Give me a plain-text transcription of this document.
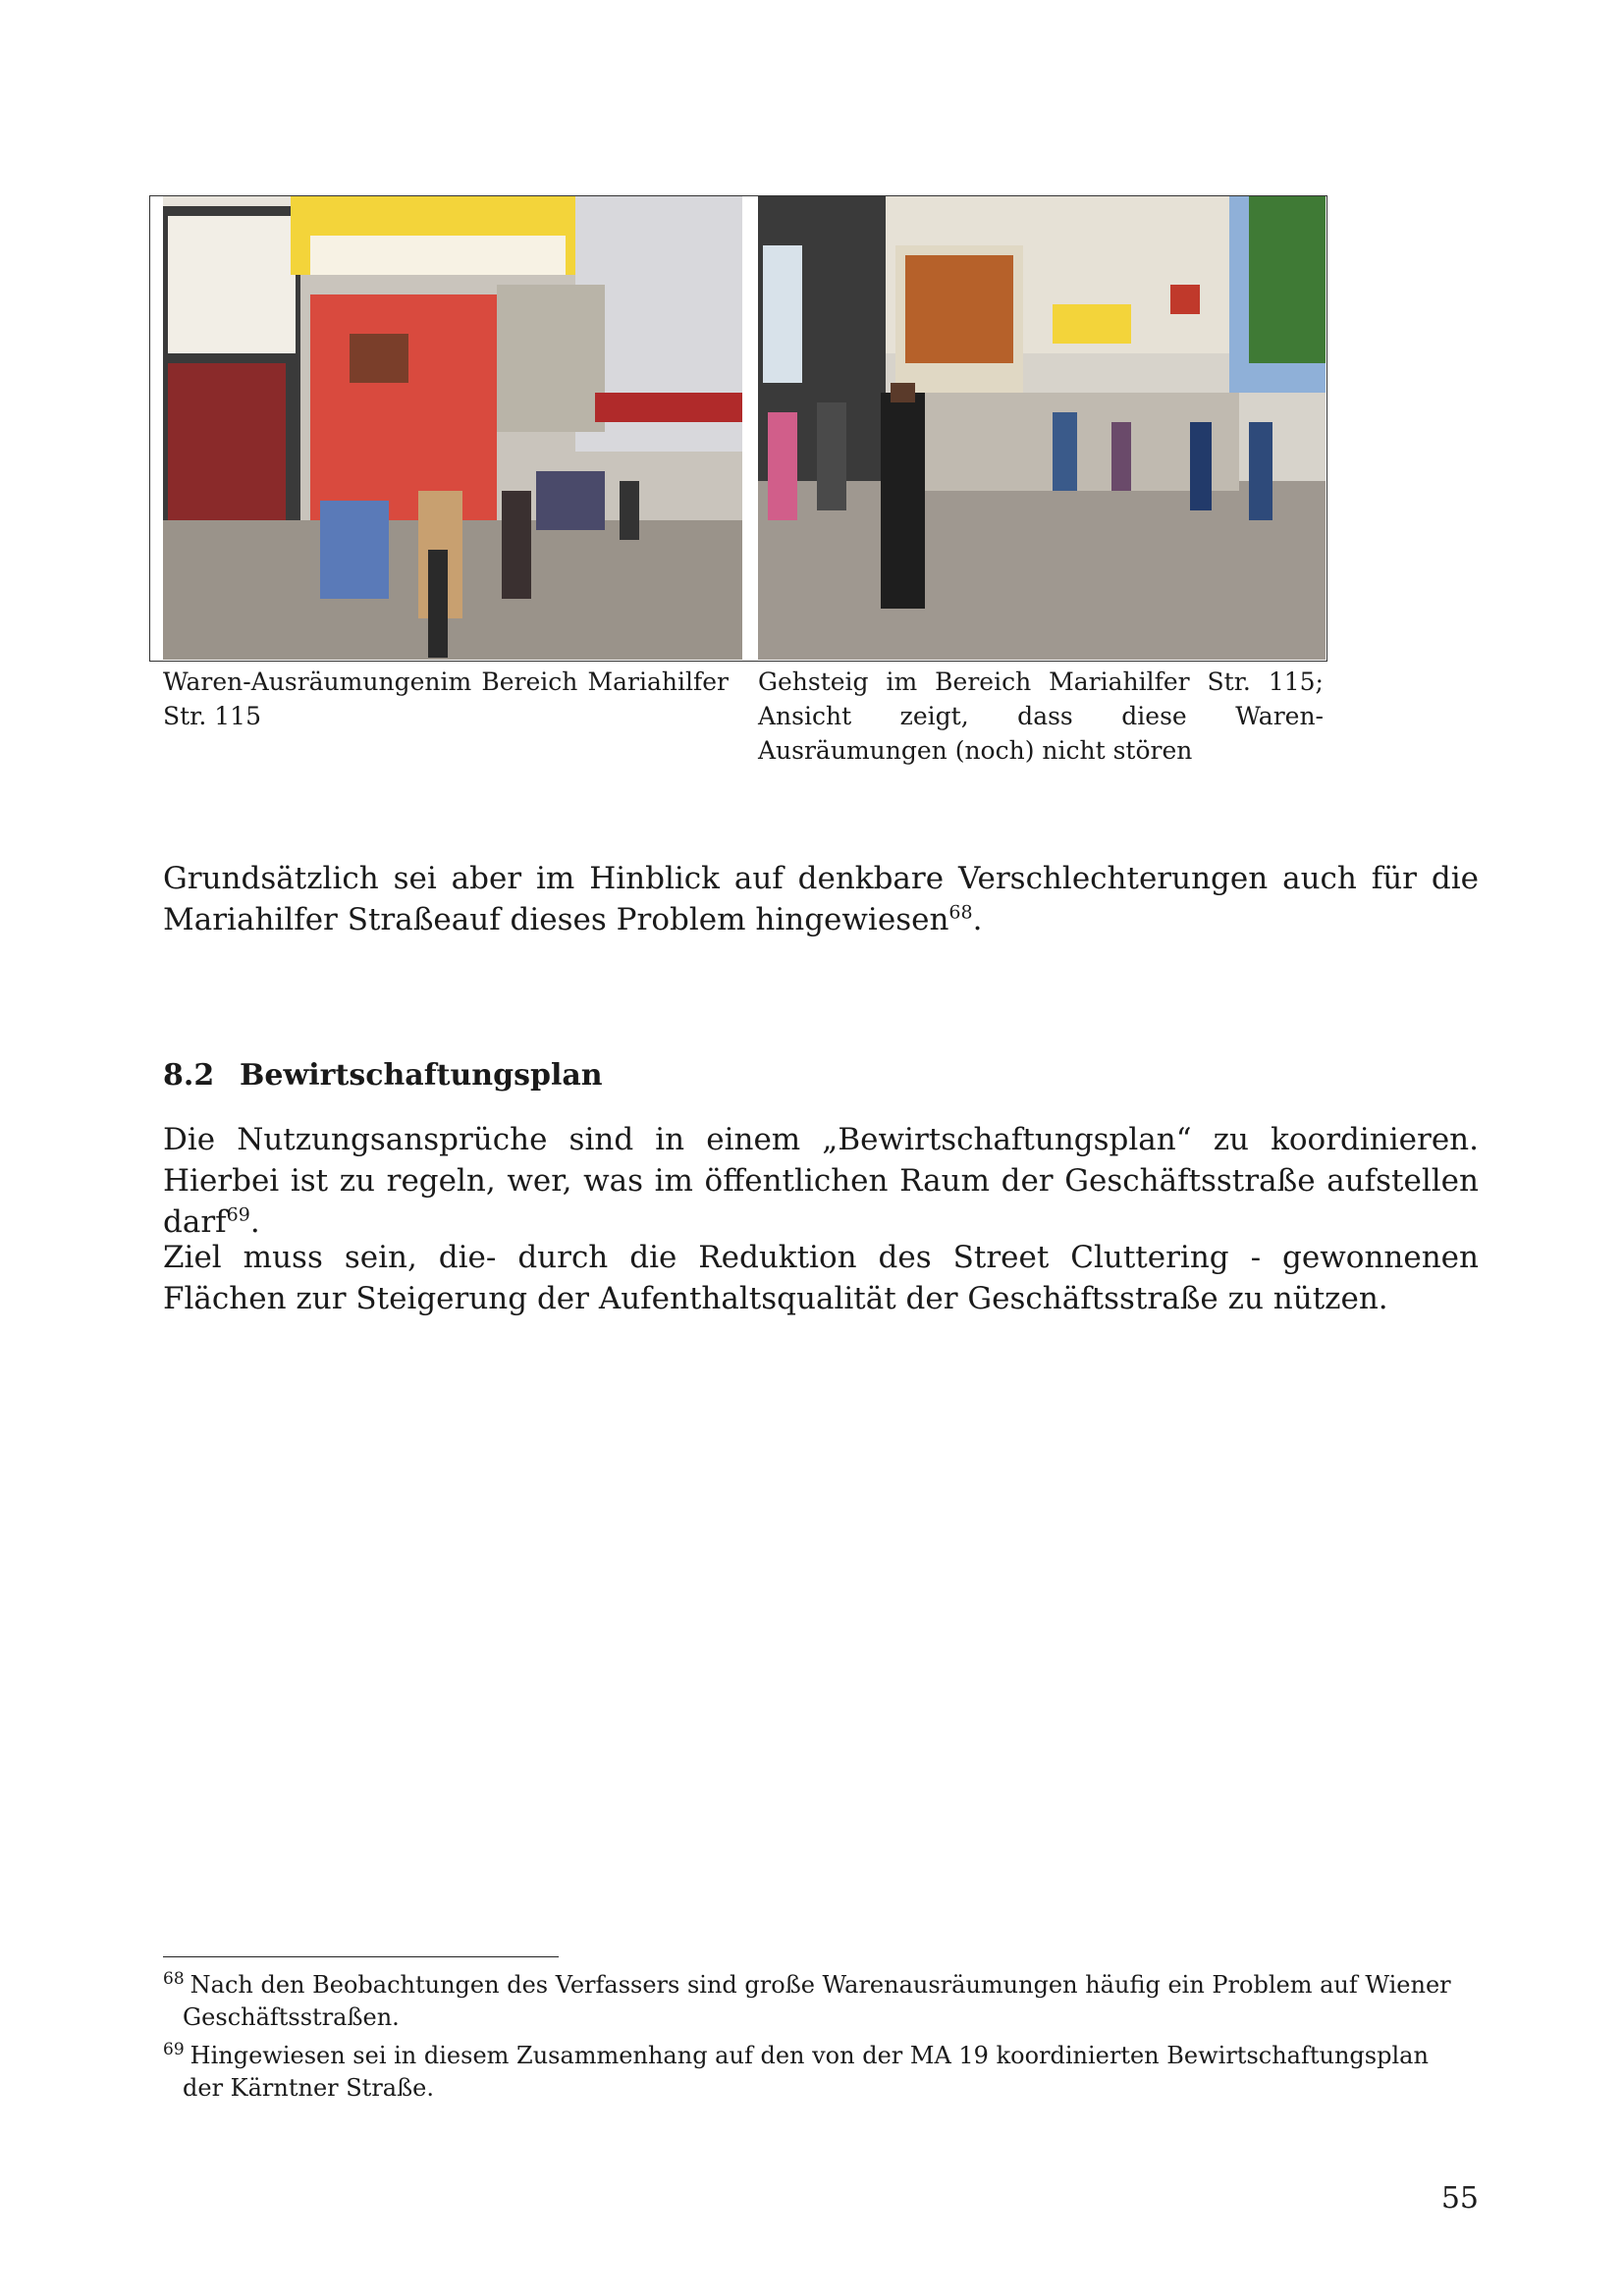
Waren-Ausräumungenim Bereich Mariahilfer Str. 115
Gehsteig im Bereich Mariahilfer Str. 115; Ansicht zeigt, dass diese Waren-Ausräumungen (noch) nicht stören

Grundsätzlich sei aber im Hinblick auf denkbare Verschlechterungen auch für die Mariahilfer Straßeauf dieses Problem hingewiesen$^{68}$.

8.2 Bewirtschaftungsplan

Die Nutzungsansprüche sind in einem „Bewirtschaftungsplan“ zu koordinieren. Hierbei ist zu regeln, wer, was im öffentlichen Raum der Geschäftsstraße aufstellen darf$^{69}$.

Ziel muss sein, die- durch die Reduktion des Street Cluttering - gewonnenen Flächen zur Steigerung der Aufenthaltsqualität der Geschäftsstraße zu nützen.

$^{68}$ Nach den Beobachtungen des Verfassers sind große Warenausräumungen häufig ein Problem auf Wiener
Geschäftsstraßen.
$^{69}$ Hingewiesen sei in diesem Zusammenhang auf den von der MA 19 koordinierten Bewirtschaftungsplan
der Kärntner Straße.
55
